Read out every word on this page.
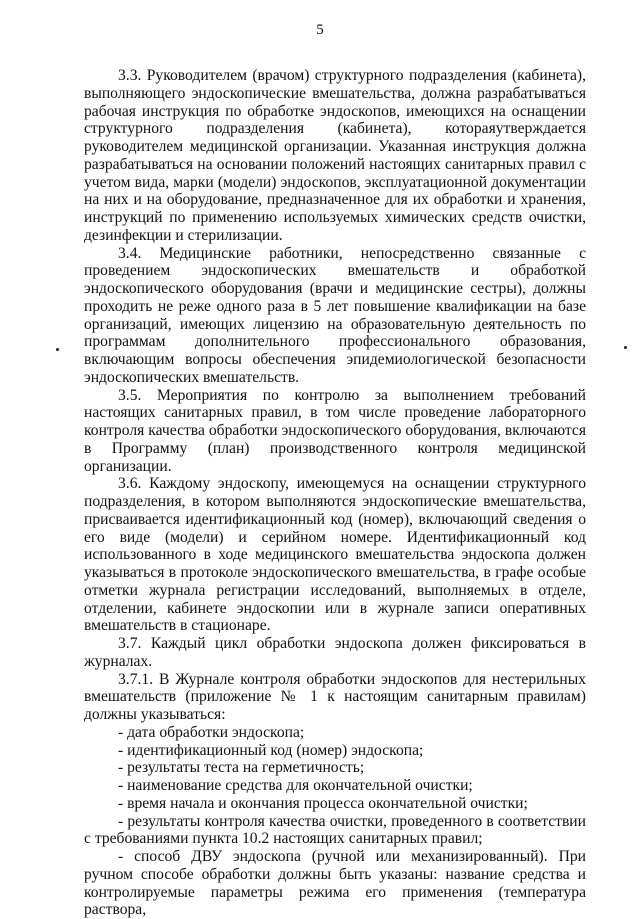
5

3.3. Руководителем (врачом) структурного подразделения (кабинета), выполняющего эндоскопические вмешательства, должна разрабатываться рабочая инструкция по обработке эндоскопов, имеющихся на оснащении структурного подразделения (кабинета), котораяутверждается руководителем медицинской организации. Указанная инструкция должна разрабатываться на основании положений настоящих санитарных правил с учетом вида, марки (модели) эндоскопов, эксплуатационной документации на них и на оборудование, предназначенное для их обработки и хранения, инструкций по применению используемых химических средств очистки, дезинфекции и стерилизации.

3.4. Медицинские работники, непосредственно связанные с проведением эндоскопических вмешательств и обработкой эндоскопического оборудования (врачи и медицинские сестры), должны проходить не реже одного раза в 5 лет повышение квалификации на базе организаций, имеющих лицензию на образовательную деятельность по программам дополнительного профессионального образования, включающим вопросы обеспечения эпидемиологической безопасности эндоскопических вмешательств.

3.5. Мероприятия по контролю за выполнением требований настоящих санитарных правил, в том числе проведение лабораторного контроля качества обработки эндоскопического оборудования, включаются в Программу (план) производственного контроля медицинской организации.

3.6. Каждому эндоскопу, имеющемуся на оснащении структурного подразделения, в котором выполняются эндоскопические вмешательства, присваивается идентификационный код (номер), включающий сведения о его виде (модели) и серийном номере. Идентификационный код использованного в ходе медицинского вмешательства эндоскопа должен указываться в протоколе эндоскопического вмешательства, в графе особые отметки журнала регистрации исследований, выполняемых в отделе, отделении, кабинете эндоскопии или в журнале записи оперативных вмешательств в стационаре.

3.7. Каждый цикл обработки эндоскопа должен фиксироваться в журналах.

3.7.1. В Журнале контроля обработки эндоскопов для нестерильных вмешательств (приложение № 1 к настоящим санитарным правилам) должны указываться:

- дата обработки эндоскопа;

- идентификационный код (номер) эндоскопа;

- результаты теста на герметичность;

- наименование средства для окончательной очистки;

- время начала и окончания процесса окончательной очистки;

- результаты контроля качества очистки, проведенного в соответствии с требованиями пункта 10.2 настоящих санитарных правил;

- способ ДВУ эндоскопа (ручной или механизированный). При ручном способе обработки должны быть указаны: название средства и контролируемые параметры режима его применения (температура раствора,
